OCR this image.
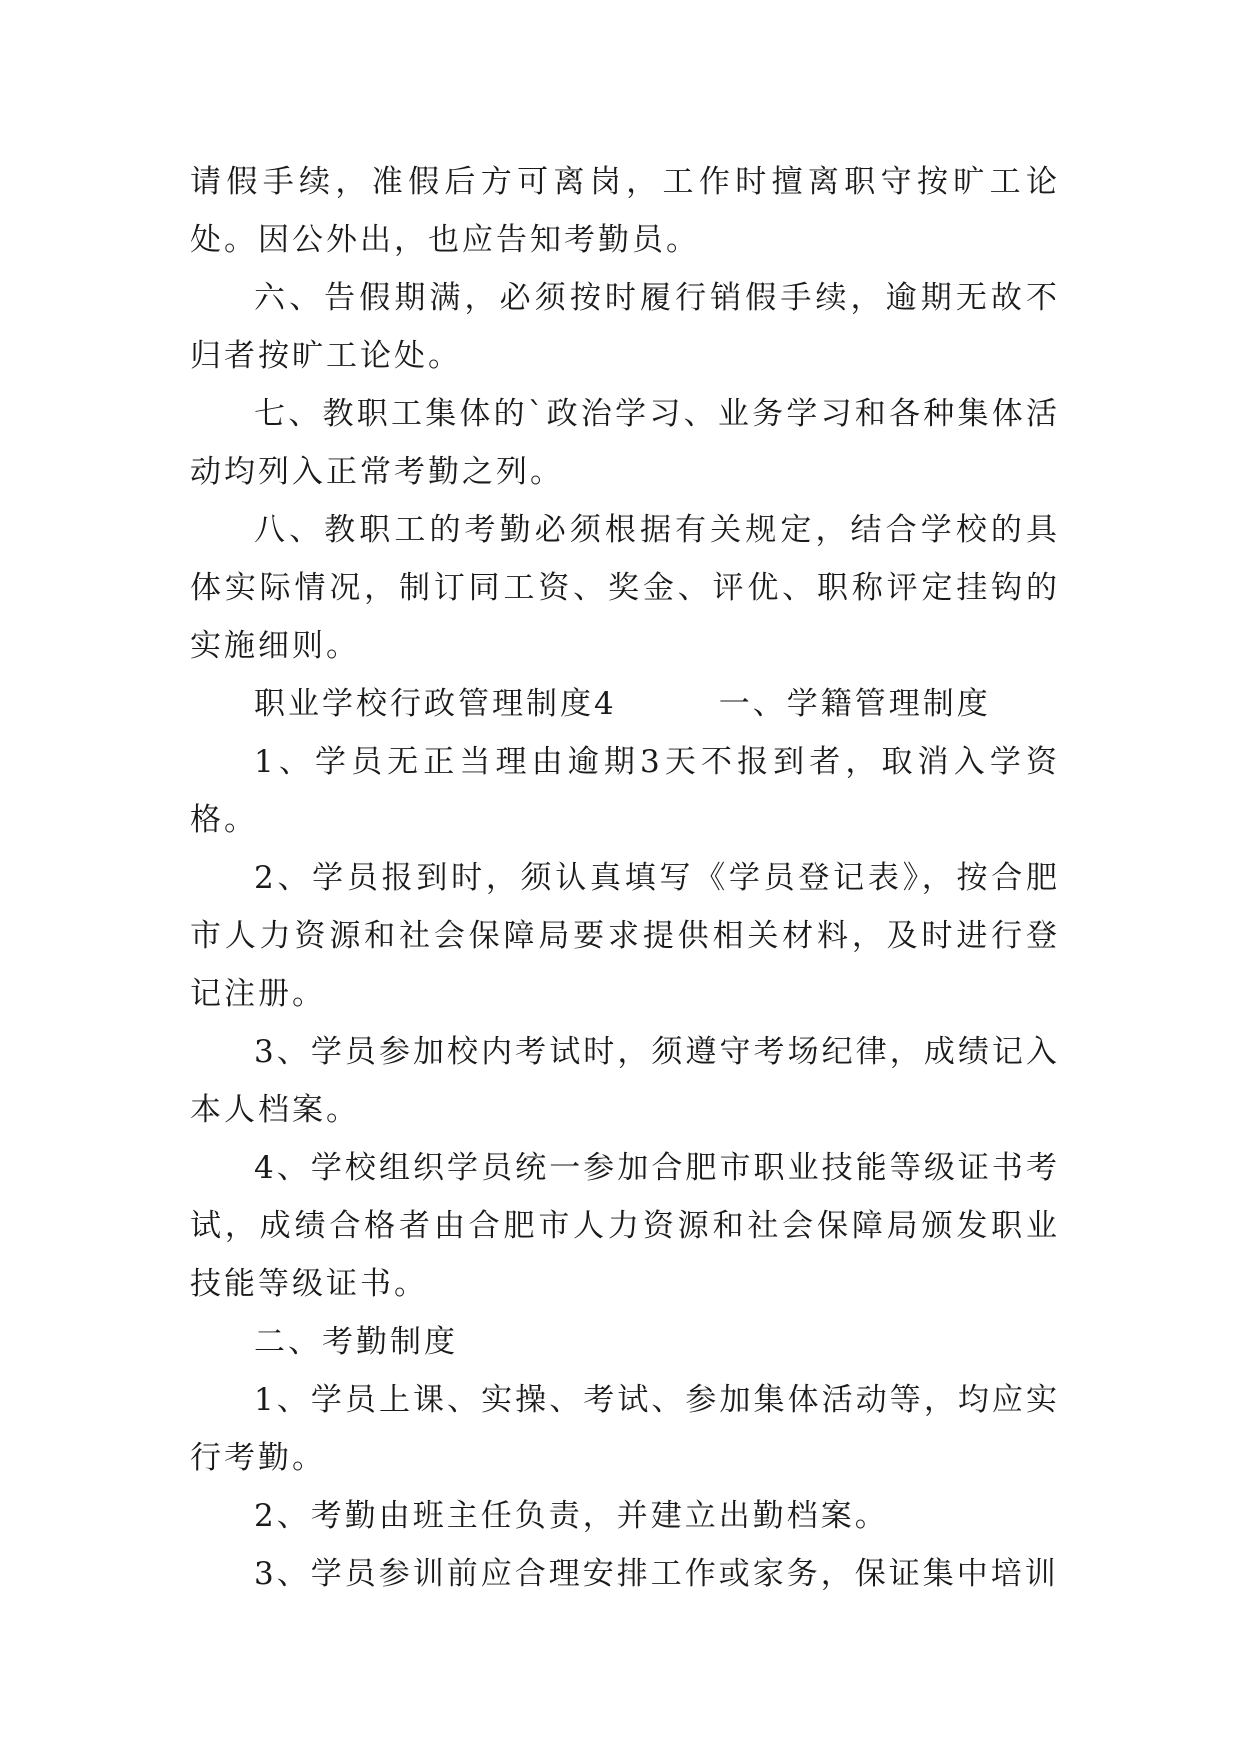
请假手续，准假后方可离岗，工作时擅离职守按旷工论处。因公外出，也应告知考勤员。

六、告假期满，必须按时履行销假手续，逾期无故不归者按旷工论处。

七、教职工集体的`政治学习、业务学习和各种集体活动均列入正常考勤之列。

八、教职工的考勤必须根据有关规定，结合学校的具体实际情况，制订同工资、奖金、评优、职称评定挂钩的实施细则。

职业学校行政管理制度4　　　一、学籍管理制度

1、学员无正当理由逾期3天不报到者，取消入学资格。

2、学员报到时，须认真填写《学员登记表》，按合肥市人力资源和社会保障局要求提供相关材料，及时进行登记注册。

3、学员参加校内考试时，须遵守考场纪律，成绩记入本人档案。

4、学校组织学员统一参加合肥市职业技能等级证书考试，成绩合格者由合肥市人力资源和社会保障局颁发职业技能等级证书。

二、考勤制度

1、学员上课、实操、考试、参加集体活动等，均应实行考勤。

2、考勤由班主任负责，并建立出勤档案。

3、学员参训前应合理安排工作或家务，保证集中培训
